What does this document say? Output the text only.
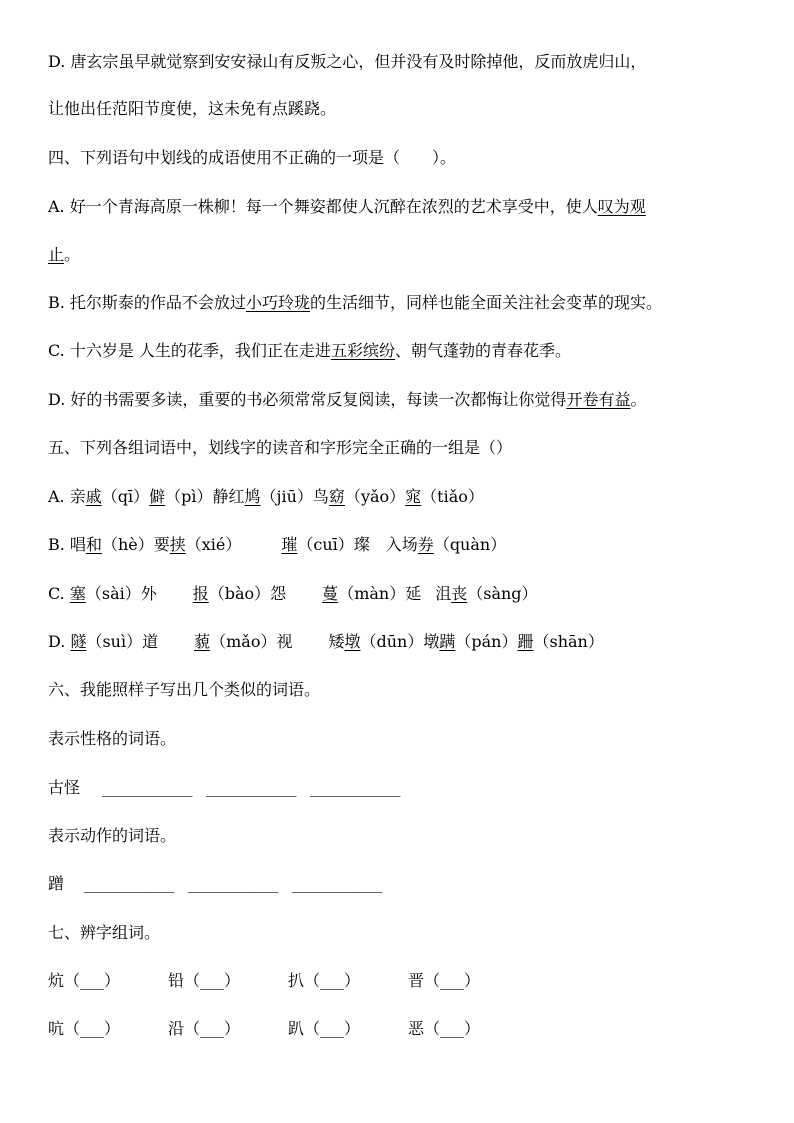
D. 唐玄宗虽早就觉察到安安禄山有反叛之心，但并没有及时除掉他，反而放虎归山，
让他出任范阳节度使，这未免有点蹊跷。
四、下列语句中划线的成语使用不正确的一项是（　　）。
A. 好一个青海高原一株柳！每一个舞姿都使人沉醉在浓烈的艺术享受中，使人叹为观
止。
B. 托尔斯泰的作品不会放过小巧玲珑的生活细节，同样也能全面关注社会变革的现实。
C. 十六岁是 人生的花季，我们正在走进五彩缤纷、朝气蓬勃的青春花季。
D. 好的书需要多读，重要的书必须常常反复阅读，每读一次都悔让你觉得开卷有益。
五、下列各组词语中，划线字的读音和字形完全正确的一组是（）
A. 亲戚（qī）僻（pì）静红鸠（jiū）鸟窈（yǎo）窕（tiǎo）
B. 唱和（hè）要挟（xié）	璀（cuī）璨 入场券（quàn）
C. 塞（sài）外 报（bào）怨 蔓（màn）延 沮丧（sàng）
D. 隧（suì）道 藐（mǎo）视 矮墩（dūn）墩蹒（pán）跚（shān）
六、我能照样子写出几个类似的词语。
表示性格的词语。
古怪 ____________ ____________ ____________
表示动作的词语。
蹭 ____________ ____________ ____________
七、辨字组词。
炕（___）	铅（___）	扒（___）	晋（___）
吭（___）	沿（___）	趴（___）	恶（___）
